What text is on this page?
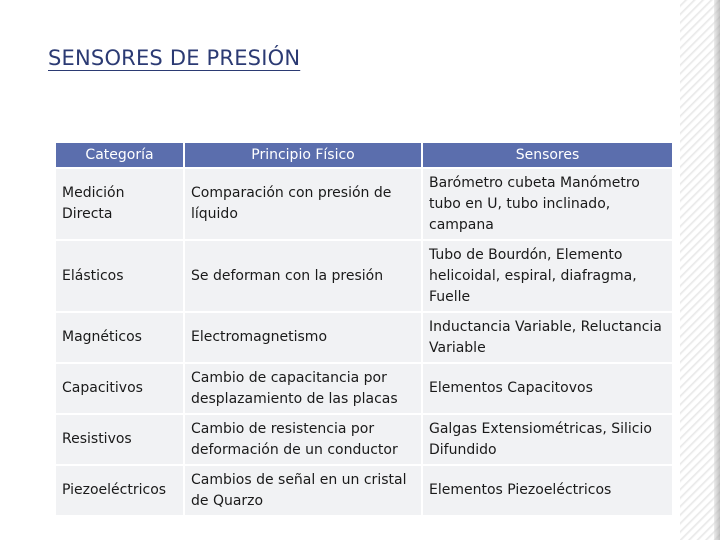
SENSORES DE PRESIÓN
Categoría	Principio Físico	Sensores
Medición Directa	Comparación con presión de líquido	Barómetro cubeta Manómetro tubo en U, tubo inclinado, campana
Elásticos	Se deforman con la presión	Tubo de Bourdón, Elemento helicoidal, espiral, diafragma, Fuelle
Magnéticos	Electromagnetismo	Inductancia Variable, Reluctancia Variable
Capacitivos	Cambio de capacitancia por desplazamiento de las placas	Elementos Capacitovos
Resistivos	Cambio de resistencia por deformación de un conductor	Galgas Extensiométricas, Silicio Difundido
Piezoeléctricos	Cambios de señal en un cristal de Quarzo	Elementos Piezoeléctricos
